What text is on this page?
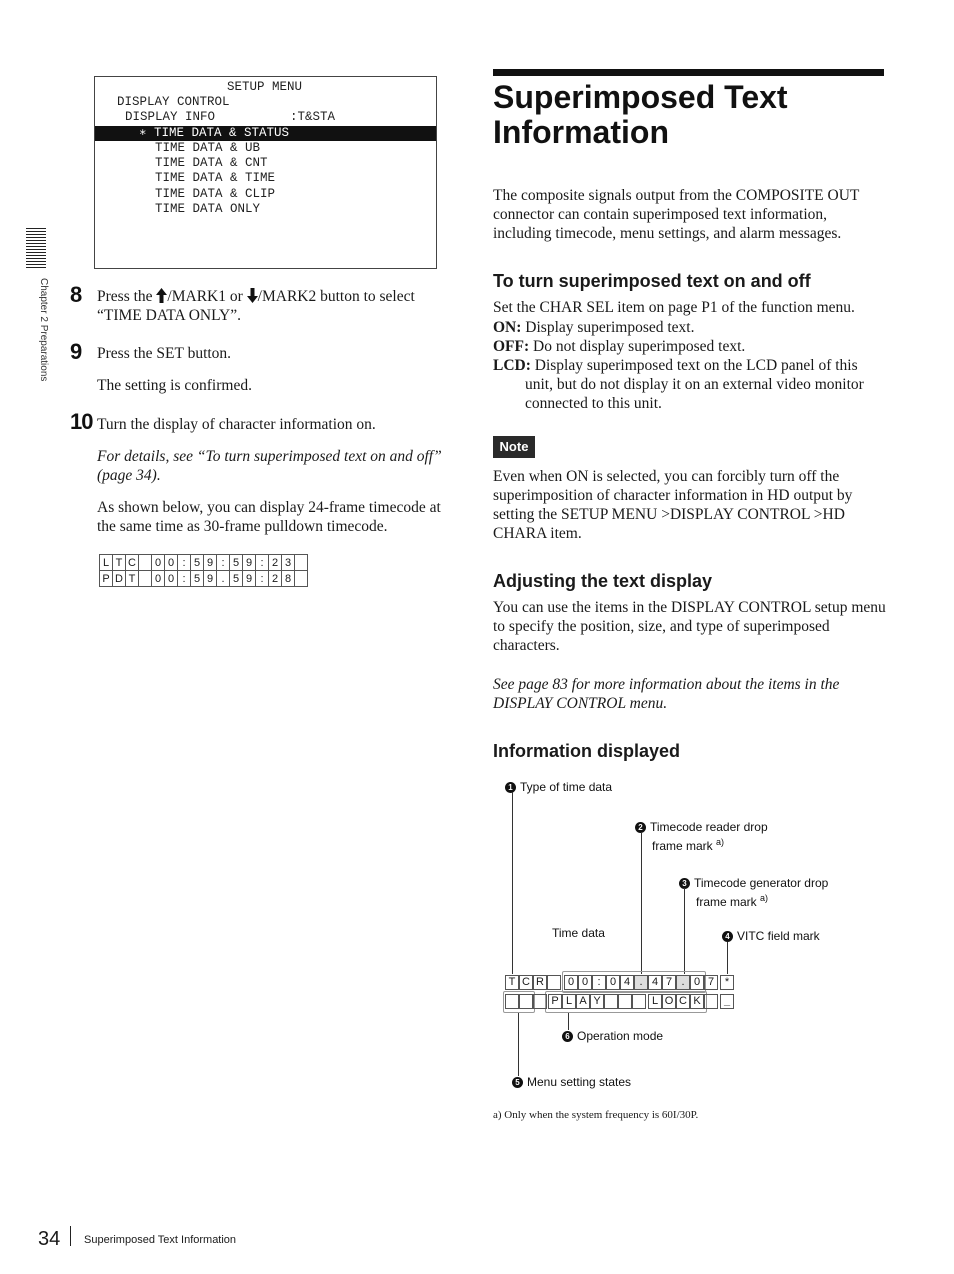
Chapter 2 Preparations
SETUP MENU
DISPLAY CONTROL
DISPLAY INFO          :T&STA
∗ TIME DATA & STATUS
TIME DATA & UB
TIME DATA & CNT
TIME DATA & TIME
TIME DATA & CLIP
TIME DATA ONLY
8 Press the /MARK1 or /MARK2 button to select
“TIME DATA ONLY”.
9 Press the SET button.
The setting is confirmed.
10 Turn the display of character information on.
For details, see “To turn superimposed text on and off” (page 34).
As shown below, you can display 24-frame timecode at the same time as 30-frame pulldown timecode.
L	T	C		0	0	:	5	9	:	5	9	:	2	3	
P	D	T		0	0	:	5	9	.	5	9	:	2	8	
Superimposed Text Information
The composite signals output from the COMPOSITE OUT connector can contain superimposed text information, including timecode, menu settings, and alarm messages.
To turn superimposed text on and off
Set the CHAR SEL item on page P1 of the function menu.
ON: Display superimposed text.
OFF: Do not display superimposed text.
LCD: Display superimposed text on the LCD panel of this unit, but do not display it on an external video monitor connected to this unit.
Note
Even when ON is selected, you can forcibly turn off the superimposition of character information in HD output by setting the SETUP MENU >DISPLAY CONTROL >HD CHARA item.
Adjusting the text display
You can use the items in the DISPLAY CONTROL setup menu to specify the position, size, and type of superimposed characters.
See page 83 for more information about the items in the DISPLAY CONTROL menu.
Information displayed
1 Type of time data
2 Timecode reader drop
frame mark $^{a)}$
3 Timecode generator drop
frame mark $^{a)}$
Time data	4 VITC field mark
T C R	0 0 : 0 4 . 4 7 . 0 7 *
P L A Y	L O C K	_
6 Operation mode
5 Menu setting states
a) Only when the system frequency is 60I/30P.
34 Superimposed Text Information
